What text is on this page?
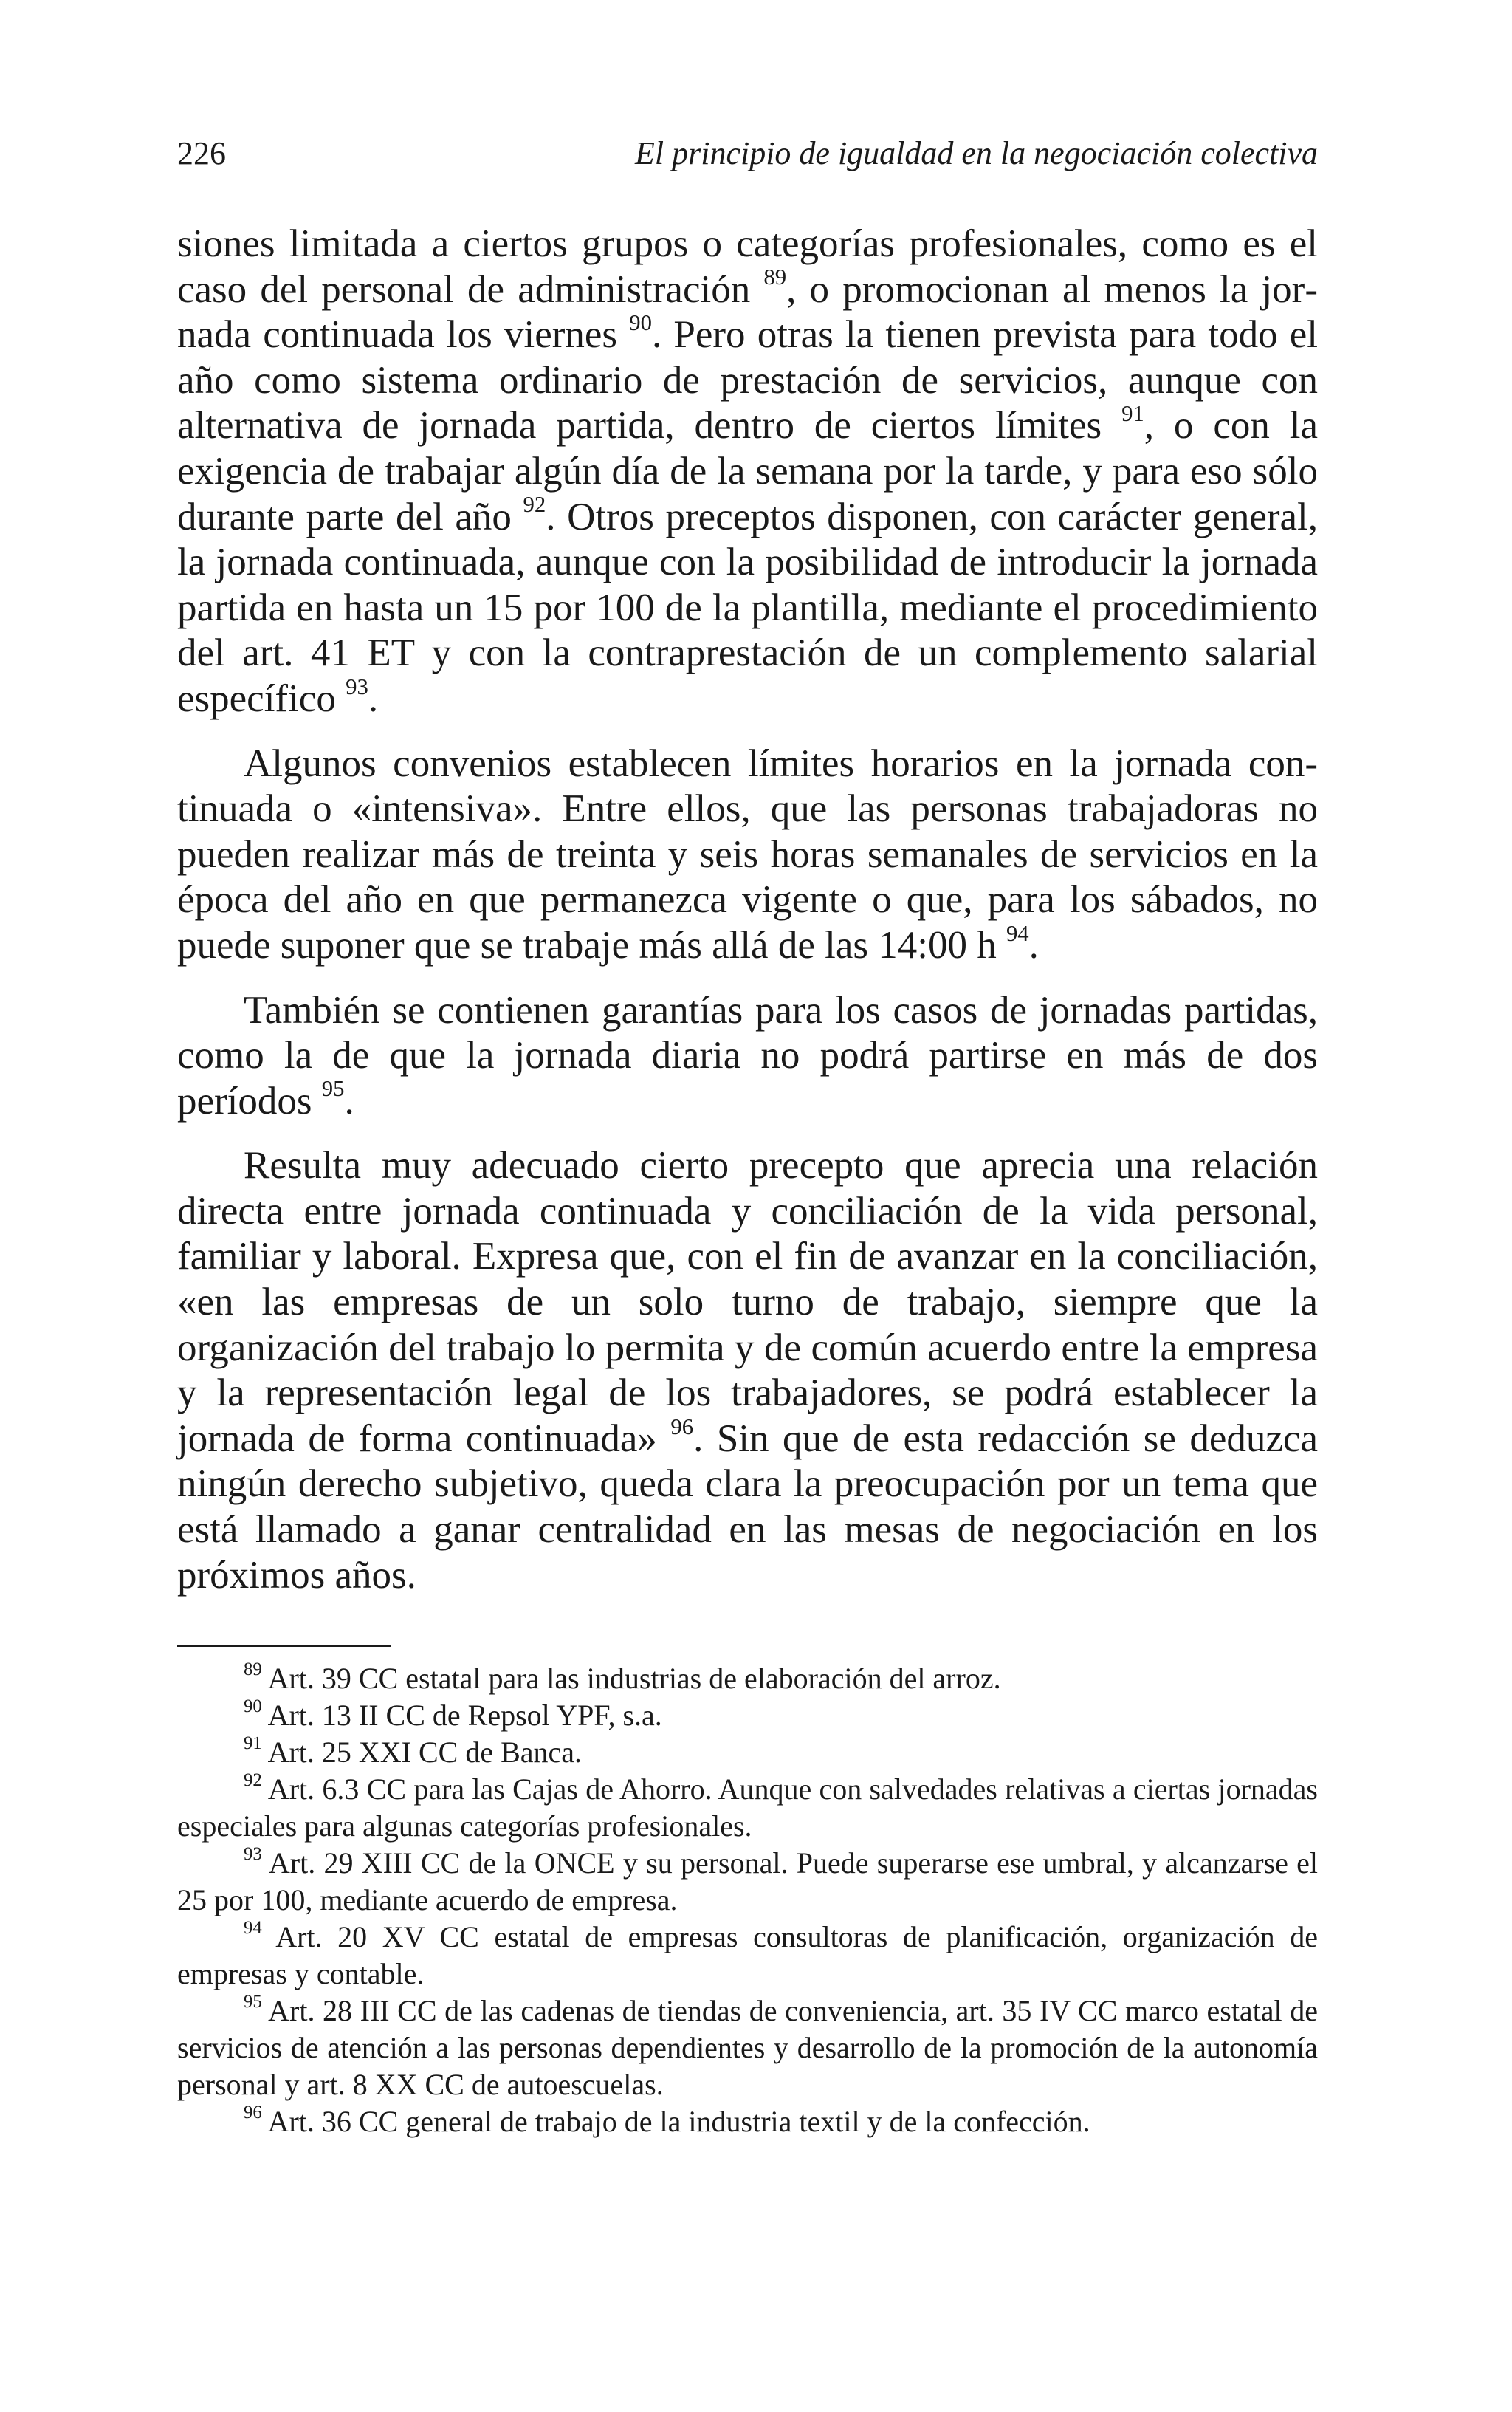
226	El principio de igualdad en la negociación colectiva

siones limitada a ciertos grupos o categorías profesionales, como es el caso del personal de administración $^{89}$, o promocionan al menos la jornada continuada los viernes $^{90}$. Pero otras la tienen prevista para todo el año como sistema ordinario de prestación de servicios, aunque con alternativa de jornada partida, dentro de ciertos límites $^{91}$, o con la exigencia de trabajar algún día de la semana por la tarde, y para eso sólo durante parte del año $^{92}$. Otros preceptos disponen, con carácter general, la jornada continuada, aunque con la posibilidad de introducir la jornada partida en hasta un 15 por 100 de la plantilla, mediante el procedimiento del art. 41 ET y con la contraprestación de un complemento salarial específico $^{93}$.

Algunos convenios establecen límites horarios en la jornada continuada o «intensiva». Entre ellos, que las personas trabajadoras no pueden realizar más de treinta y seis horas semanales de servicios en la época del año en que permanezca vigente o que, para los sábados, no puede suponer que se trabaje más allá de las 14:00 h $^{94}$.

También se contienen garantías para los casos de jornadas partidas, como la de que la jornada diaria no podrá partirse en más de dos períodos $^{95}$.

Resulta muy adecuado cierto precepto que aprecia una relación directa entre jornada continuada y conciliación de la vida personal, familiar y laboral. Expresa que, con el fin de avanzar en la conciliación, «en las empresas de un solo turno de trabajo, siempre que la organización del trabajo lo permita y de común acuerdo entre la empresa y la representación legal de los trabajadores, se podrá establecer la jornada de forma continuada» $^{96}$. Sin que de esta redacción se deduzca ningún derecho subjetivo, queda clara la preocupación por un tema que está llamado a ganar centralidad en las mesas de negociación en los próximos años.

$^{89}$ Art. 39 CC estatal para las industrias de elaboración del arroz.

$^{90}$ Art. 13 II CC de Repsol YPF, s.a.

$^{91}$ Art. 25 XXI CC de Banca.

$^{92}$ Art. 6.3 CC para las Cajas de Ahorro. Aunque con salvedades relativas a ciertas jornadas especiales para algunas categorías profesionales.

$^{93}$ Art. 29 XIII CC de la ONCE y su personal. Puede superarse ese umbral, y alcanzarse el 25 por 100, mediante acuerdo de empresa.

$^{94}$ Art. 20 XV CC estatal de empresas consultoras de planificación, organización de empresas y contable.

$^{95}$ Art. 28 III CC de las cadenas de tiendas de conveniencia, art. 35 IV CC marco estatal de servicios de atención a las personas dependientes y desarrollo de la promoción de la autonomía personal y art. 8 XX CC de autoescuelas.

$^{96}$ Art. 36 CC general de trabajo de la industria textil y de la confección.
